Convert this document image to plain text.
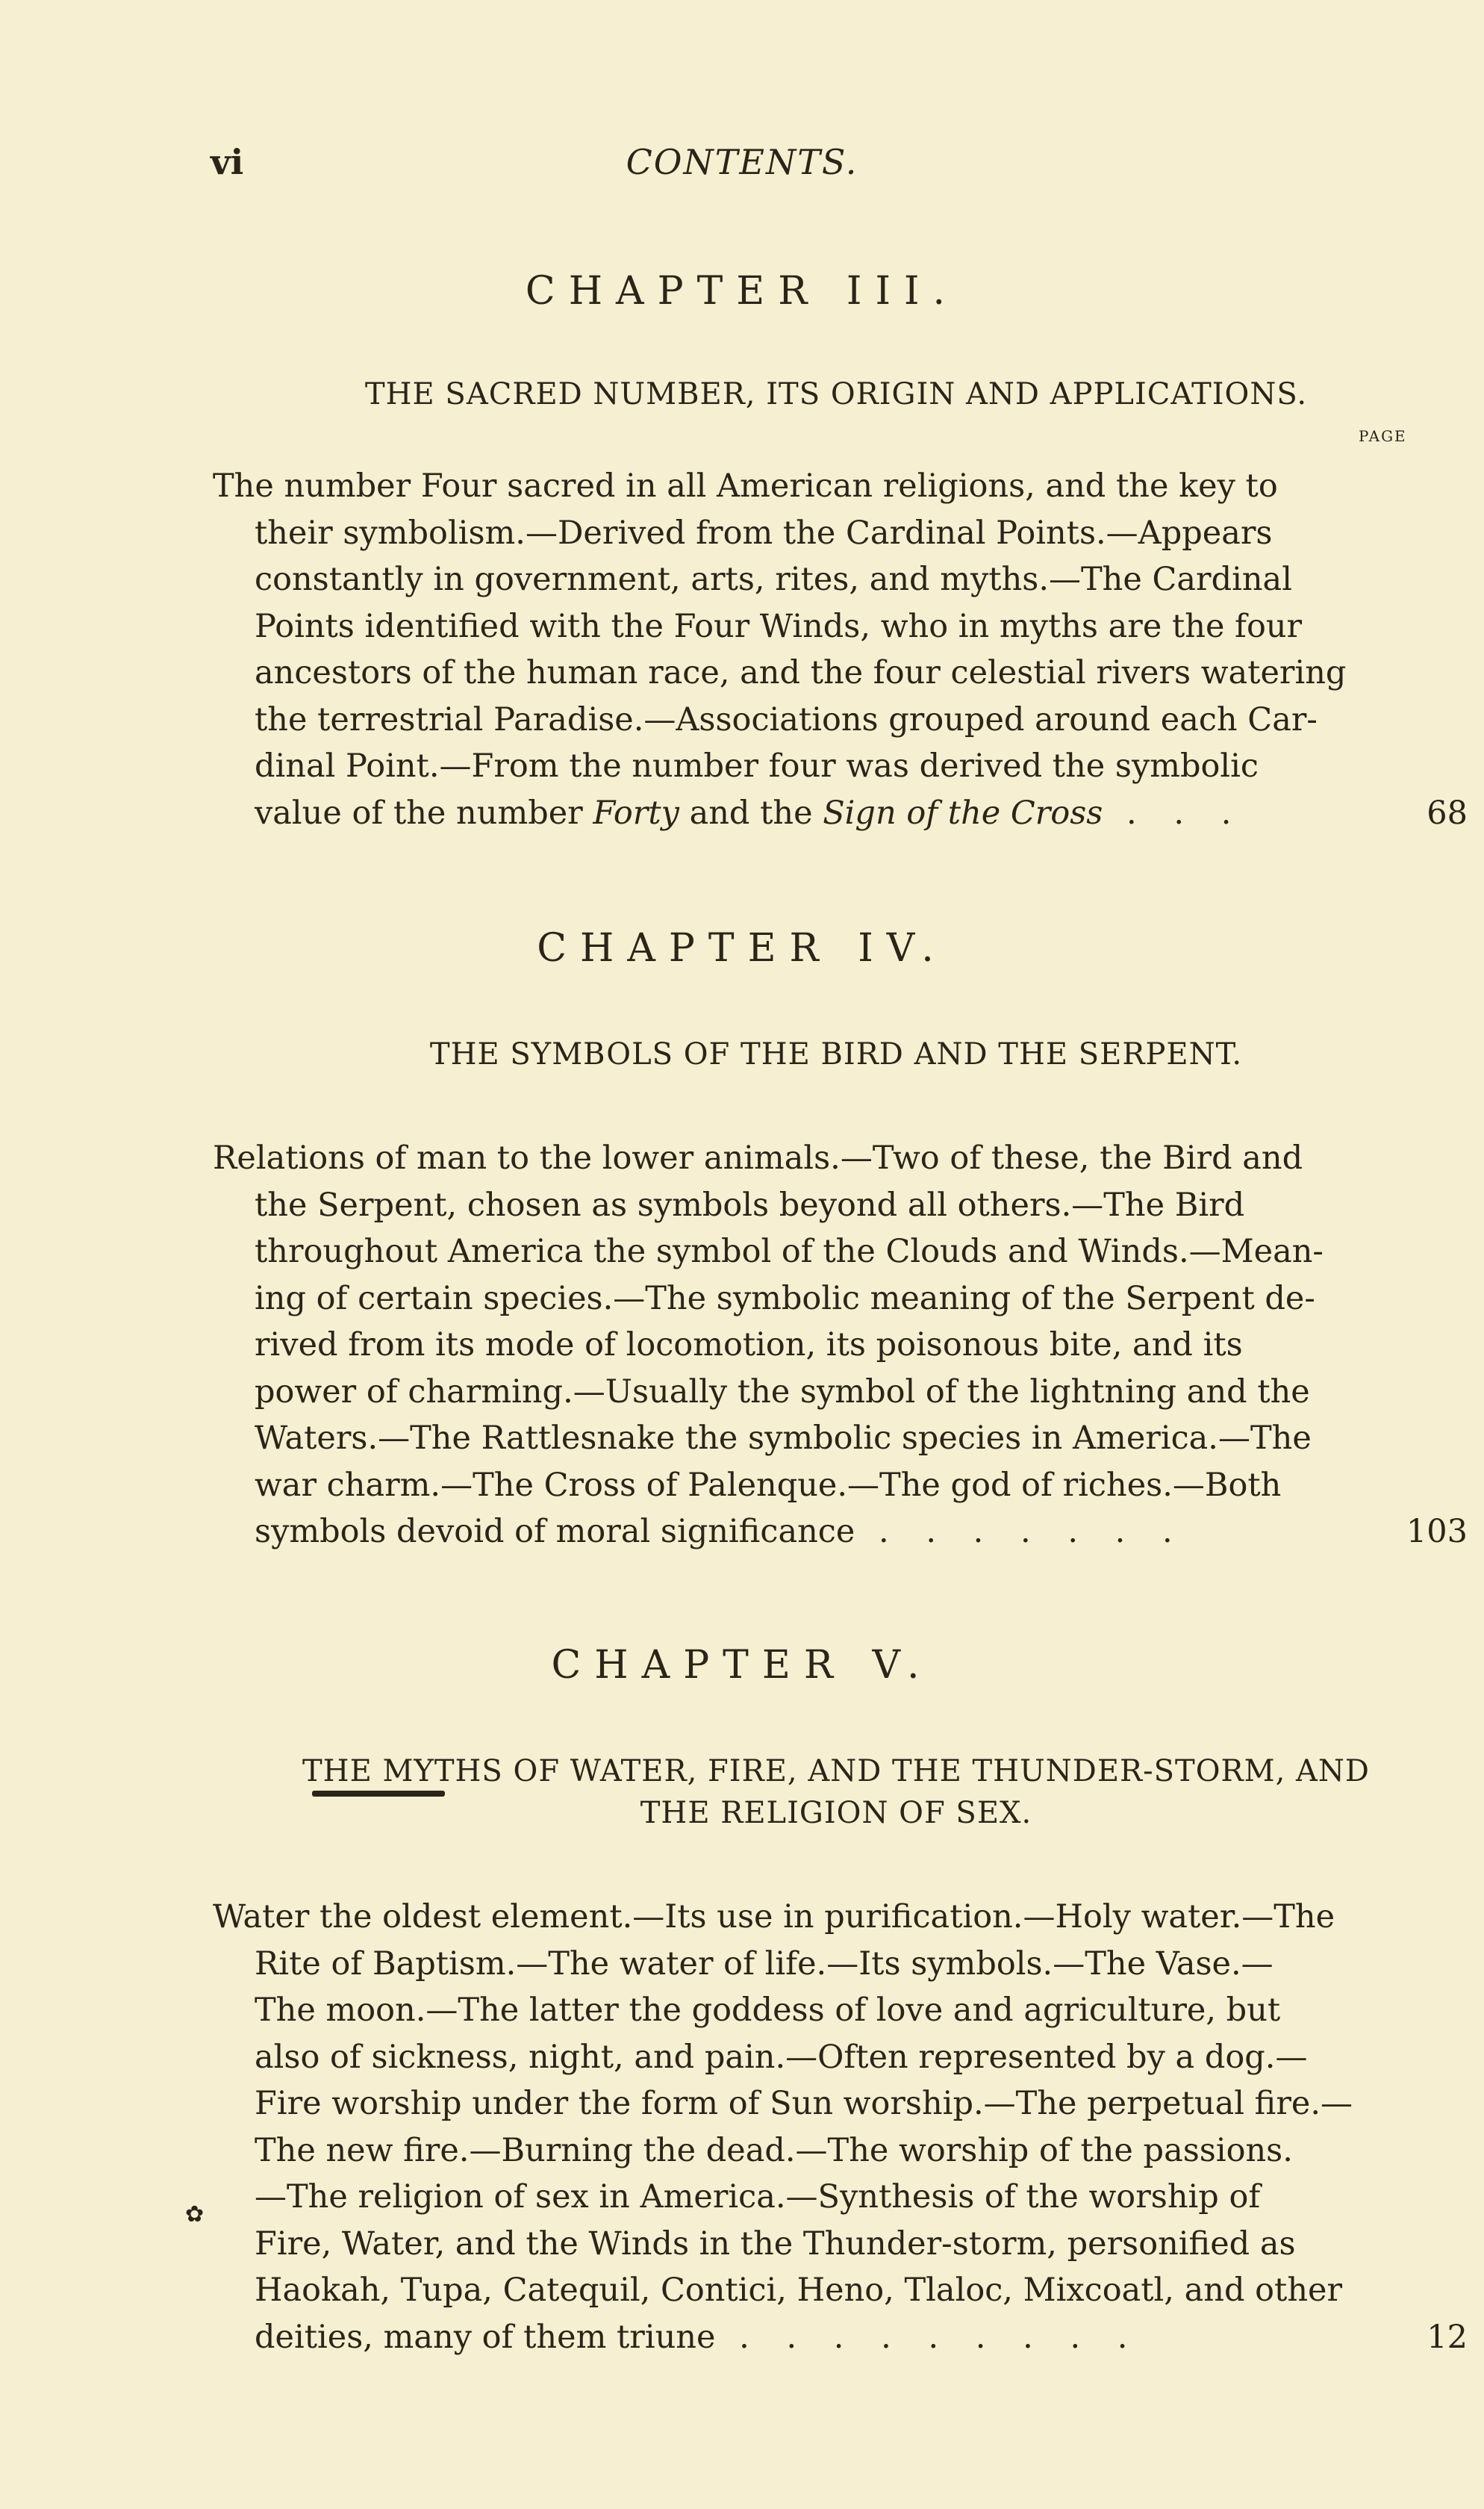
vi	CONTENTS.
CHAPTER III.
THE SACRED NUMBER, ITS ORIGIN AND APPLICATIONS.
PAGE
The number Four sacred in all American religions, and the key to
their symbolism.—Derived from the Cardinal Points.—Appears
constantly in government, arts, rites, and myths.—The Cardinal
Points identified with the Four Winds, who in myths are the four
ancestors of the human race, and the four celestial rivers watering
the terrestrial Paradise.—Associations grouped around each Car-
dinal Point.—From the number four was derived the symbolic
value of the number Forty and the Sign of the Cross . . .	68
CHAPTER IV.
THE SYMBOLS OF THE BIRD AND THE SERPENT.
Relations of man to the lower animals.—Two of these, the Bird and
the Serpent, chosen as symbols beyond all others.—The Bird
throughout America the symbol of the Clouds and Winds.—Mean-
ing of certain species.—The symbolic meaning of the Serpent de-
rived from its mode of locomotion, its poisonous bite, and its
power of charming.—Usually the symbol of the lightning and the
Waters.—The Rattlesnake the symbolic species in America.—The
war charm.—The Cross of Palenque.—The god of riches.—Both
symbols devoid of moral significance . . . . . . .	103
CHAPTER V.
THE MYTHS OF WATER, FIRE, AND THE THUNDER-STORM, AND
THE RELIGION OF SEX.
Water the oldest element.—Its use in purification.—Holy water.—The
Rite of Baptism.—The water of life.—Its symbols.—The Vase.—
The moon.—The latter the goddess of love and agriculture, but
also of sickness, night, and pain.—Often represented by a dog.—
Fire worship under the form of Sun worship.—The perpetual fire.—
The new fire.—Burning the dead.—The worship of the passions.
—The religion of sex in America.—Synthesis of the worship of
Fire, Water, and the Winds in the Thunder-storm, personified as
Haokah, Tupa, Catequil, Contici, Heno, Tlaloc, Mixcoatl, and other
deities, many of them triune . . . . . . . . .	12
✿
